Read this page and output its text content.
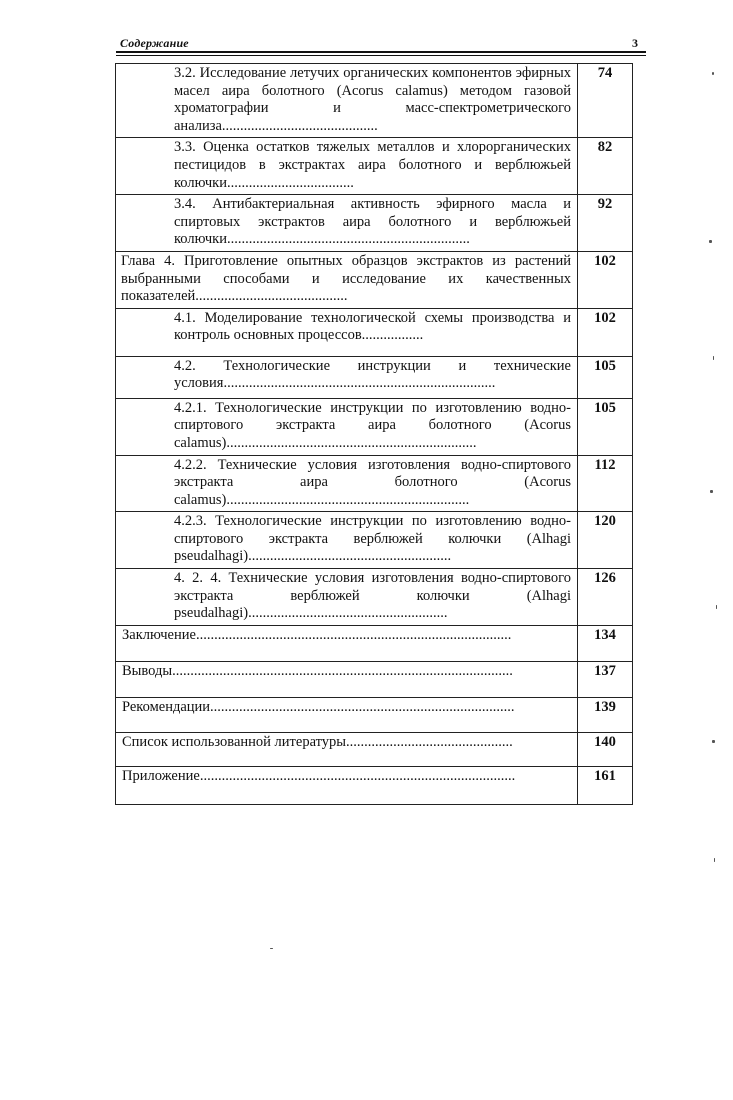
Содержание	3
3.2. Исследование летучих органических компонентов эфирных масел аира болотного (Acorus calamus) методом газовой хроматографии и масс-спектрометрического анализа...........................................	74
3.3. Оценка остатков тяжелых металлов и хлорорганических пестицидов в экстрактах аира болотного и верблюжьей колючки...................................	82
3.4. Антибактериальная активность эфирного масла и спиртовых экстрактов аира болотного и верблюжьей колючки...................................................................	92
Глава 4. Приготовление опытных образцов экстрактов из растений выбранными способами и исследование их качественных показателей..........................................	102
4.1. Моделирование технологической схемы производства и контроль основных процессов.................	102
4.2. Технологические инструкции и технические условия...........................................................................	105
4.2.1. Технологические инструкции по изготовлению водно-спиртового экстракта аира болотного (Acorus calamus).....................................................................	105
4.2.2. Технические условия изготовления водно-спиртового экстракта аира болотного (Acorus calamus)...................................................................	112
4.2.3. Технологические инструкции по изготовлению водно-спиртового экстракта верблюжей колючки (Alhagi pseudalhagi)........................................................	120
4. 2. 4. Технические условия изготовления водно-спиртового экстракта верблюжей колючки (Alhagi pseudalhagi).......................................................	126
Заключение.......................................................................................	134
Выводы..............................................................................................	137
Рекомендации....................................................................................	139
Список использованной литературы..............................................	140
Приложение.......................................................................................	161
